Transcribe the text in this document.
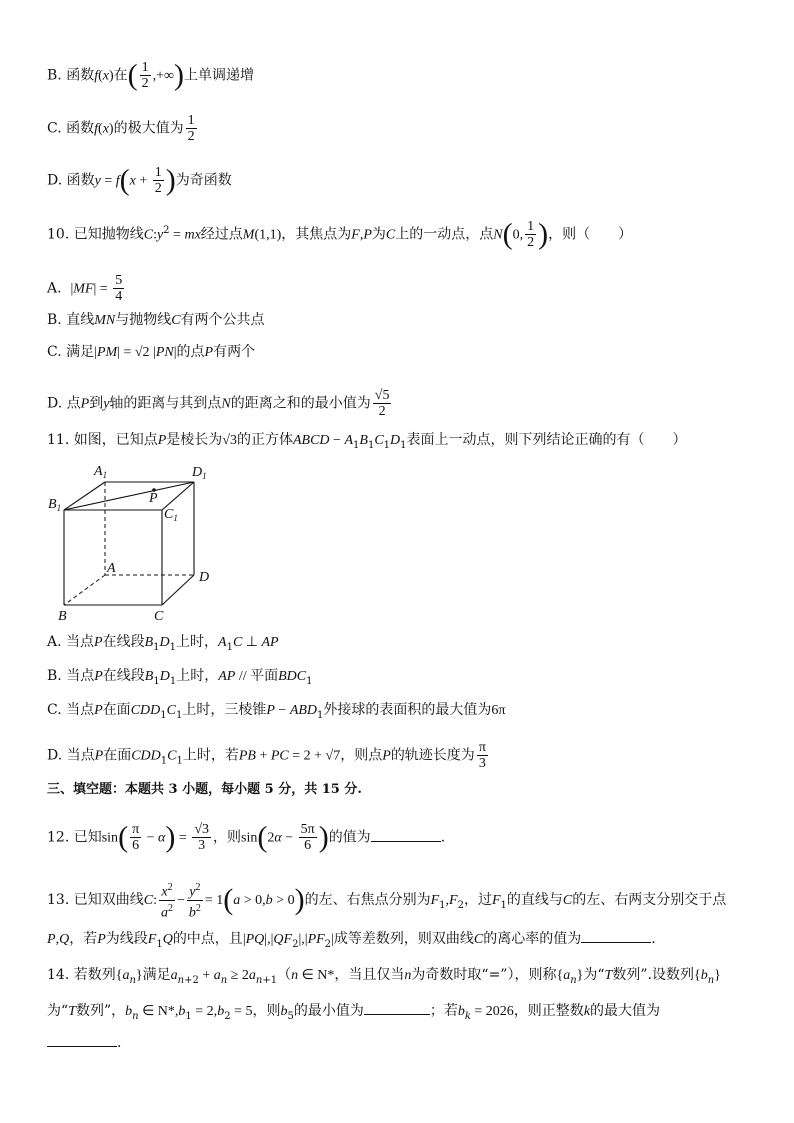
B. 函数f(x)在( $\frac{1}{2}$ ,+∞)上单调递增
C. 函数f(x)的极大值为 $\frac{1}{2}$
D. 函数$y = f(x + \frac{1}{2}$ )为奇函数
10. 已知抛物线$C:y^2$ = mx经过点M(1,1)，其焦点为F,P为C上的一动点，点N(0, $\frac{1}{2}$ )，则（　　）
A.  $|MF| = \frac{5}{4}$
B. 直线MN与抛物线C有两个公共点
C. 满足|PM| = √2 |PN|的点P有两个
D. 点P到y轴的距离与其到点N的距离之和的最小值为 $\frac{√5}{2}$
11. 如图，已知点P是棱长为√3的正方体ABCD − $A_1B_1C_1D_1$表面上一动点，则下列结论正确的有（　　）
$A_1$	$D_1$
$B_1$	$C_1$
P
A
D
B	C
A. 当点P在线段$B_1D_1$上时，$A_1C$ ⊥ AP
B. 当点P在线段$B_1D_1$上时，AP // 平面$BDC_1$
C. 当点P在面$CDD_1C_1$上时，三棱锥$P - ABD_1$外接球的表面积的最大值为6π
D. 当点P在面$CDD_1C_1$上时，若PB + PC = 2 + √7，则点P的轨迹长度为 $\frac{\pi}{3}$
三、填空题：本题共 3 小题，每小题 5 分，共 15 分.
12. 已知$\sin( \frac{\pi}{6} - \alpha) = \frac{√3}{3}$ ，则$\sin(2\alpha - \frac{5\pi}{6}$ )的值为	.
13. 已知双曲线C: $\frac{x^2}{a^2} - \frac{y^2}{b^2} = 1(a > 0,b > 0)$的左、右焦点分别为$F_1,F_2$，过$F_1$的直线与C的左、右两支分别交于点
P,Q，若P为线段$F_1Q$的中点，且$|PQ|,|QF_2|,|PF_2|$成等差数列，则双曲线C的离心率的值为	.
14. 若数列$\{a_n\}$满足$a_{n+2} + a_n \ge 2a_{n+1}(n$ ∈ N*，当且仅当n为奇数时取“=”），则称$\{a_n\}$为“T数列”.设数列$\{b_n\}$
为“T数列”，$b_n$ ∈ $N*,b_1 = 2,b_2 = 5$，则$b_5$的最小值为	；若$b_k = 2026$，则正整数k的最大值为
.
